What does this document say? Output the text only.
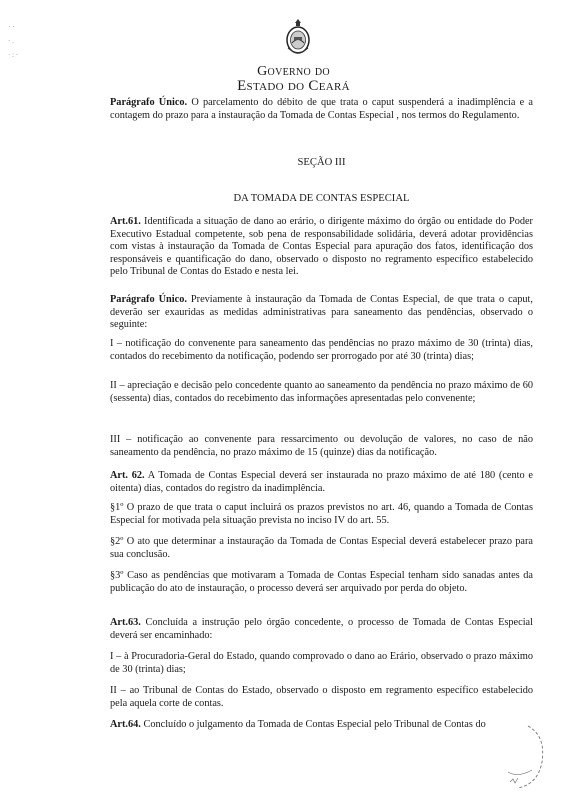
· ·
· .
· : ·
Governo do
Estado do Ceará
Parágrafo Único. O parcelamento do débito de que trata o caput suspenderá a inadimplência e a contagem do prazo para a instauração da Tomada de Contas Especial , nos termos do Regulamento.
SEÇÃO III
DA TOMADA DE CONTAS ESPECIAL
Art.61. Identificada a situação de dano ao erário, o dirigente máximo do órgão ou entidade do Poder Executivo Estadual competente, sob pena de responsabilidade solidária, deverá adotar providências com vistas à instauração da Tomada de Contas Especial para apuração dos fatos, identificação dos responsáveis e quantificação do dano, observado o disposto no regramento específico estabelecido pelo Tribunal de Contas do Estado e nesta lei.
Parágrafo Único. Previamente à instauração da Tomada de Contas Especial, de que trata o caput, deverão ser exauridas as medidas administrativas para saneamento das pendências, observado o seguinte:
I – notificação do convenente para saneamento das pendências no prazo máximo de 30 (trinta) dias, contados do recebimento da notificação, podendo ser prorrogado por até 30 (trinta) dias;
II – apreciação e decisão pelo concedente quanto ao saneamento da pendência no prazo máximo de 60 (sessenta) dias, contados do recebimento das informações apresentadas pelo convenente;
III – notificação ao convenente para ressarcimento ou devolução de valores, no caso de não saneamento da pendência, no prazo máximo de 15 (quinze) dias da notificação.
Art. 62. A Tomada de Contas Especial deverá ser instaurada no prazo máximo de até 180 (cento e oitenta) dias, contados do registro da inadimplência.
§1º O prazo de que trata o caput incluirá os prazos previstos no art. 46, quando a Tomada de Contas Especial for motivada pela situação prevista no inciso IV do art. 55.
§2º O ato que determinar a instauração da Tomada de Contas Especial deverá estabelecer prazo para sua conclusão.
§3º Caso as pendências que motivaram a Tomada de Contas Especial tenham sido sanadas antes da publicação do ato de instauração, o processo deverá ser arquivado por perda do objeto.
Art.63. Concluída a instrução pelo órgão concedente, o processo de Tomada de Contas Especial deverá ser encaminhado:
I – à Procuradoria-Geral do Estado, quando comprovado o dano ao Erário, observado o prazo máximo de 30 (trinta) dias;
II – ao Tribunal de Contas do Estado, observado o disposto em regramento específico estabelecido pela aquela corte de contas.
Art.64. Concluído o julgamento da Tomada de Contas Especial pelo Tribunal de Contas do
